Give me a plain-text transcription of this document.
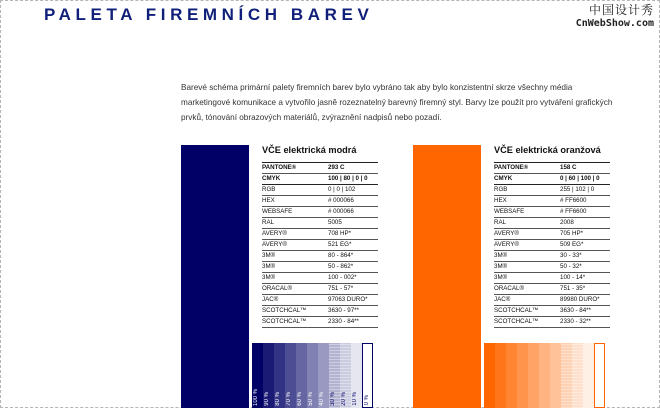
PALETA FIREMNÍCH BAREV	中国设计秀
CnWebShow.com
Barevé schéma primární palety firemních barev bylo vybráno tak aby bylo konzistentní skrze všechny média marketingové komunikace a vytvořilo jasně rozeznatelný barevný firemný styl. Barvy lze použít pro vytváření grafických prvků, tónování obrazových materiálů, zvýraznění nadpisů nebo pozadí.
100 % 90 % 80 % 70 % 60 % 50 % 40 % 30 % 20 % 10 % 0 %
VČE elektrická modrá
PANTONE®	293 C
CMYK	100 | 80 | 0 | 0
RGB	0 | 0 | 102
HEX	# 000066
WEBSAFE	# 000066
RAL	5005
AVERY®	708 HP*
AVERY®	521 EG*
3M®	80 - 864*
3M®	50 - 862*
3M®	100 - 002*
ORACAL®	751 - 57*
JAC®	97063 DURO*
SCOTCHCAL™	3630 - 97**
SCOTCHCAL™	2330 - 84**
VČE elektrická oranžová
PANTONE®	158 C
CMYK	0 | 60 | 100 | 0
RGB	255 | 102 | 0
HEX	# FF6600
WEBSAFE	# FF6600
RAL	2008
AVERY®	705 HP*
AVERY®	509 EG*
3M®	30 - 33*
3M®	50 - 32*
3M®	100 - 14*
ORACAL®	751 - 35*
JAC®	89980 DURO*
SCOTCHCAL™	3630 - 84**
SCOTCHCAL™	2330 - 32**
